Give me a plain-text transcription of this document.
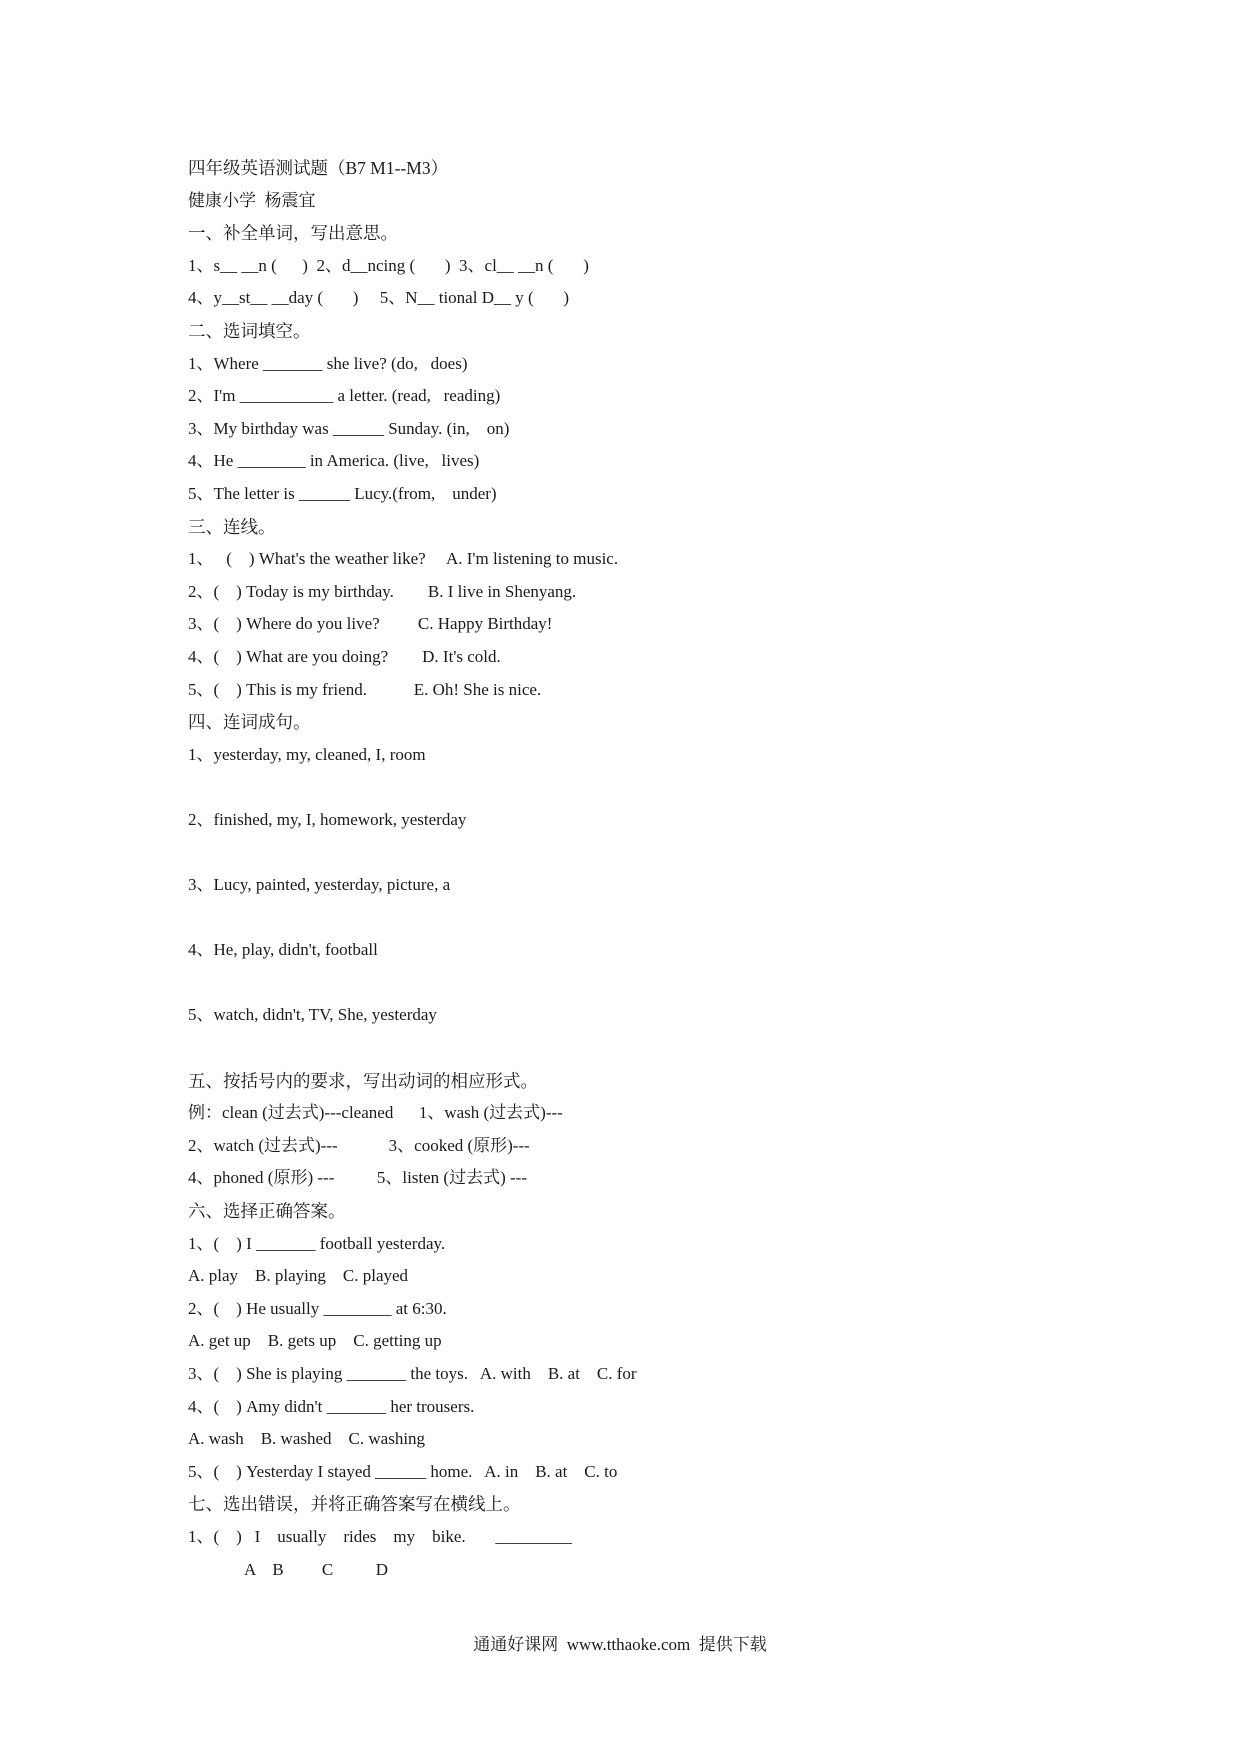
四年级英语测试题（B7 M1--M3）
健康小学  杨震宜
一、补全单词，写出意思。
1、s__ __n (      )  2、d__ncing (       )  3、cl__ __n (       )
4、y__st__ __day (       )     5、N__ tional D__ y (       )
二、选词填空。
1、Where _______ she live? (do,   does)
2、I'm ___________ a letter. (read,   reading)
3、My birthday was ______ Sunday. (in,    on)
4、He ________ in America. (live,   lives)
5、The letter is ______ Lucy.(from,    under)
三、连线。
1、   (    ) What's the weather like?     A. I'm listening to music.
2、(    ) Today is my birthday.        B. I live in Shenyang.
3、(    ) Where do you live?         C. Happy Birthday!
4、(    ) What are you doing?        D. It's cold.
5、(    ) This is my friend.           E. Oh! She is nice.
四、连词成句。
1、yesterday, my, cleaned, I, room
2、finished, my, I, homework, yesterday
3、Lucy, painted, yesterday, picture, a
4、He, play, didn't, football
5、watch, didn't, TV, She, yesterday
五、按括号内的要求，写出动词的相应形式。
例：clean (过去式)---cleaned      1、wash (过去式)---
2、watch (过去式)---            3、cooked (原形)---
4、phoned (原形) ---          5、listen (过去式) ---
六、选择正确答案。
1、(    ) I _______ football yesterday.
A. play    B. playing    C. played
2、(    ) He usually ________ at 6:30.
A. get up    B. gets up    C. getting up
3、(    ) She is playing _______ the toys.   A. with    B. at    C. for
4、(    ) Amy didn't _______ her trousers.
A. wash    B. washed    C. washing
5、(    ) Yesterday I stayed ______ home.   A. in    B. at    C. to
七、选出错误，并将正确答案写在横线上。
1、(    )   I    usually    rides    my    bike.       _________
A    B         C          D
通通好课网  www.tthaoke.com  提供下载
